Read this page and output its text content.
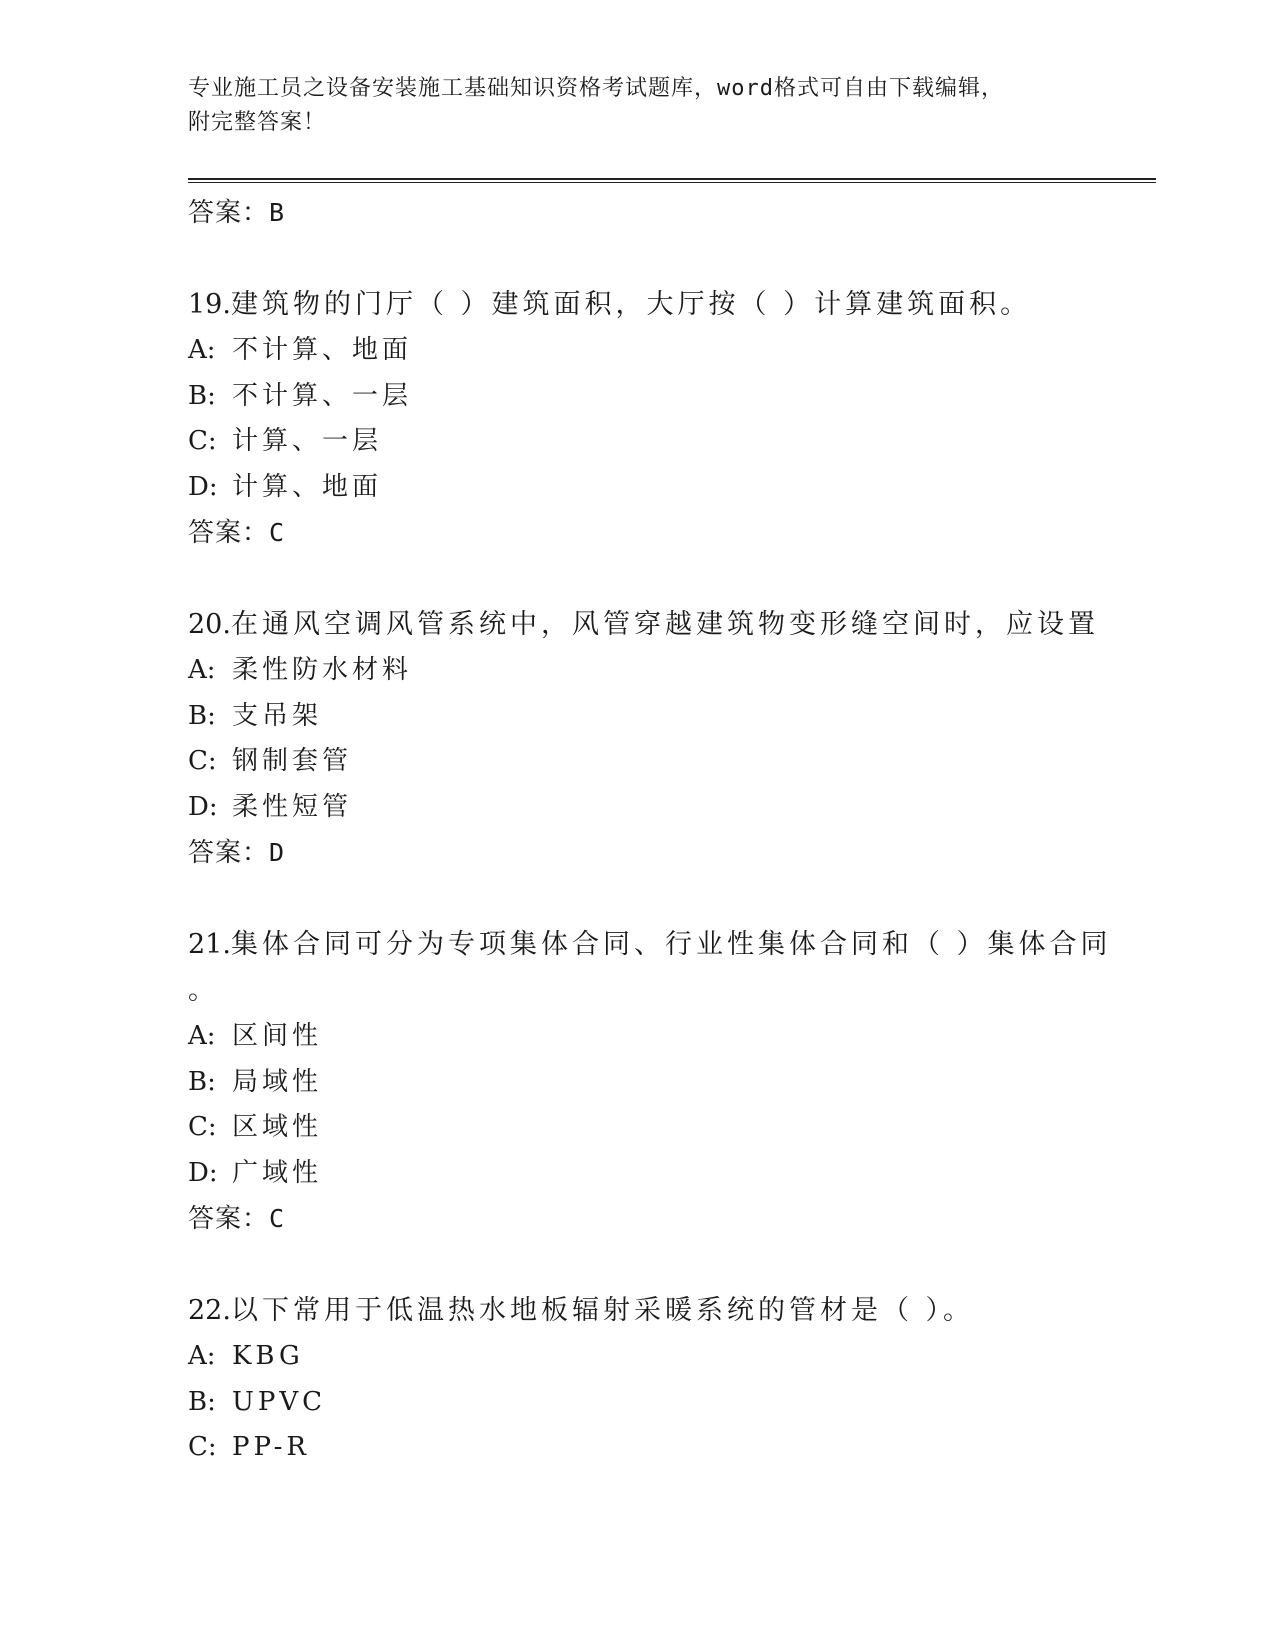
专业施工员之设备安装施工基础知识资格考试题库，word格式可自由下载编辑，
附完整答案！
答案：B
19.建筑物的门厅（ ）建筑面积，大厅按（ ）计算建筑面积。
A: 不计算、地面
B: 不计算、一层
C: 计算、一层
D: 计算、地面
答案：C
20.在通风空调风管系统中，风管穿越建筑物变形缝空间时，应设置
A: 柔性防水材料
B: 支吊架
C: 钢制套管
D: 柔性短管
答案：D
21.集体合同可分为专项集体合同、行业性集体合同和（ ）集体合同
。
A: 区间性
B: 局域性
C: 区域性
D: 广域性
答案：C
22.以下常用于低温热水地板辐射采暖系统的管材是（ ）。
A: KBG
B: UPVC
C: PP-R
